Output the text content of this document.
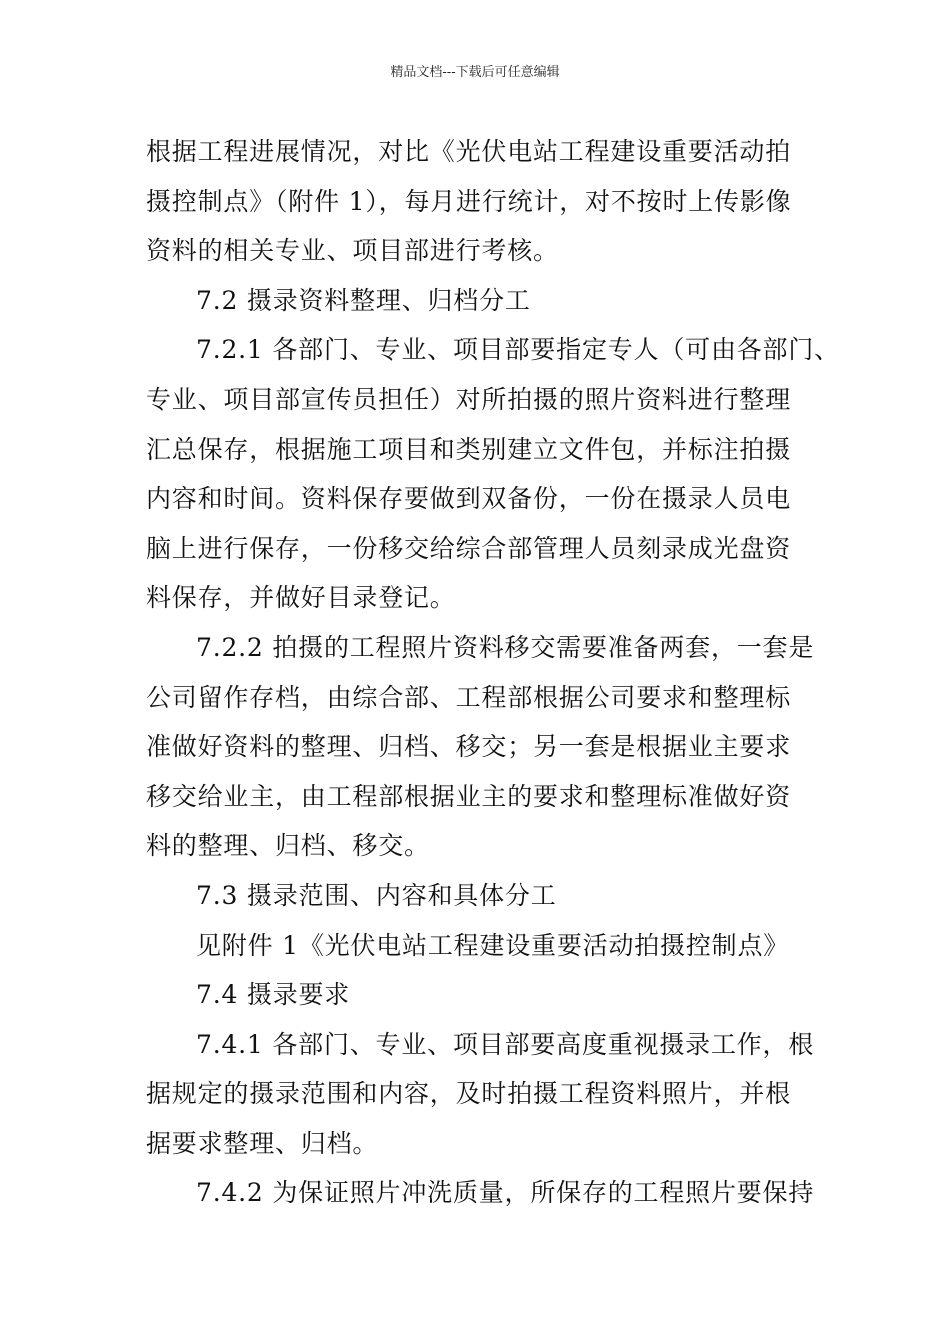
精品文档---下载后可任意编辑
根据工程进展情况，对比《光伏电站工程建设重要活动拍
摄控制点》（附件 1），每月进行统计，对不按时上传影像
资料的相关专业、项目部进行考核。
7.2 摄录资料整理、归档分工
7.2.1 各部门、专业、项目部要指定专人（可由各部门、
专业、项目部宣传员担任）对所拍摄的照片资料进行整理
汇总保存，根据施工项目和类别建立文件包，并标注拍摄
内容和时间。资料保存要做到双备份，一份在摄录人员电
脑上进行保存，一份移交给综合部管理人员刻录成光盘资
料保存，并做好目录登记。
7.2.2 拍摄的工程照片资料移交需要准备两套，一套是
公司留作存档，由综合部、工程部根据公司要求和整理标
准做好资料的整理、归档、移交；另一套是根据业主要求
移交给业主，由工程部根据业主的要求和整理标准做好资
料的整理、归档、移交。
7.3 摄录范围、内容和具体分工
见附件 1《光伏电站工程建设重要活动拍摄控制点》
7.4 摄录要求
7.4.1 各部门、专业、项目部要高度重视摄录工作，根
据规定的摄录范围和内容，及时拍摄工程资料照片，并根
据要求整理、归档。
7.4.2 为保证照片冲洗质量，所保存的工程照片要保持
